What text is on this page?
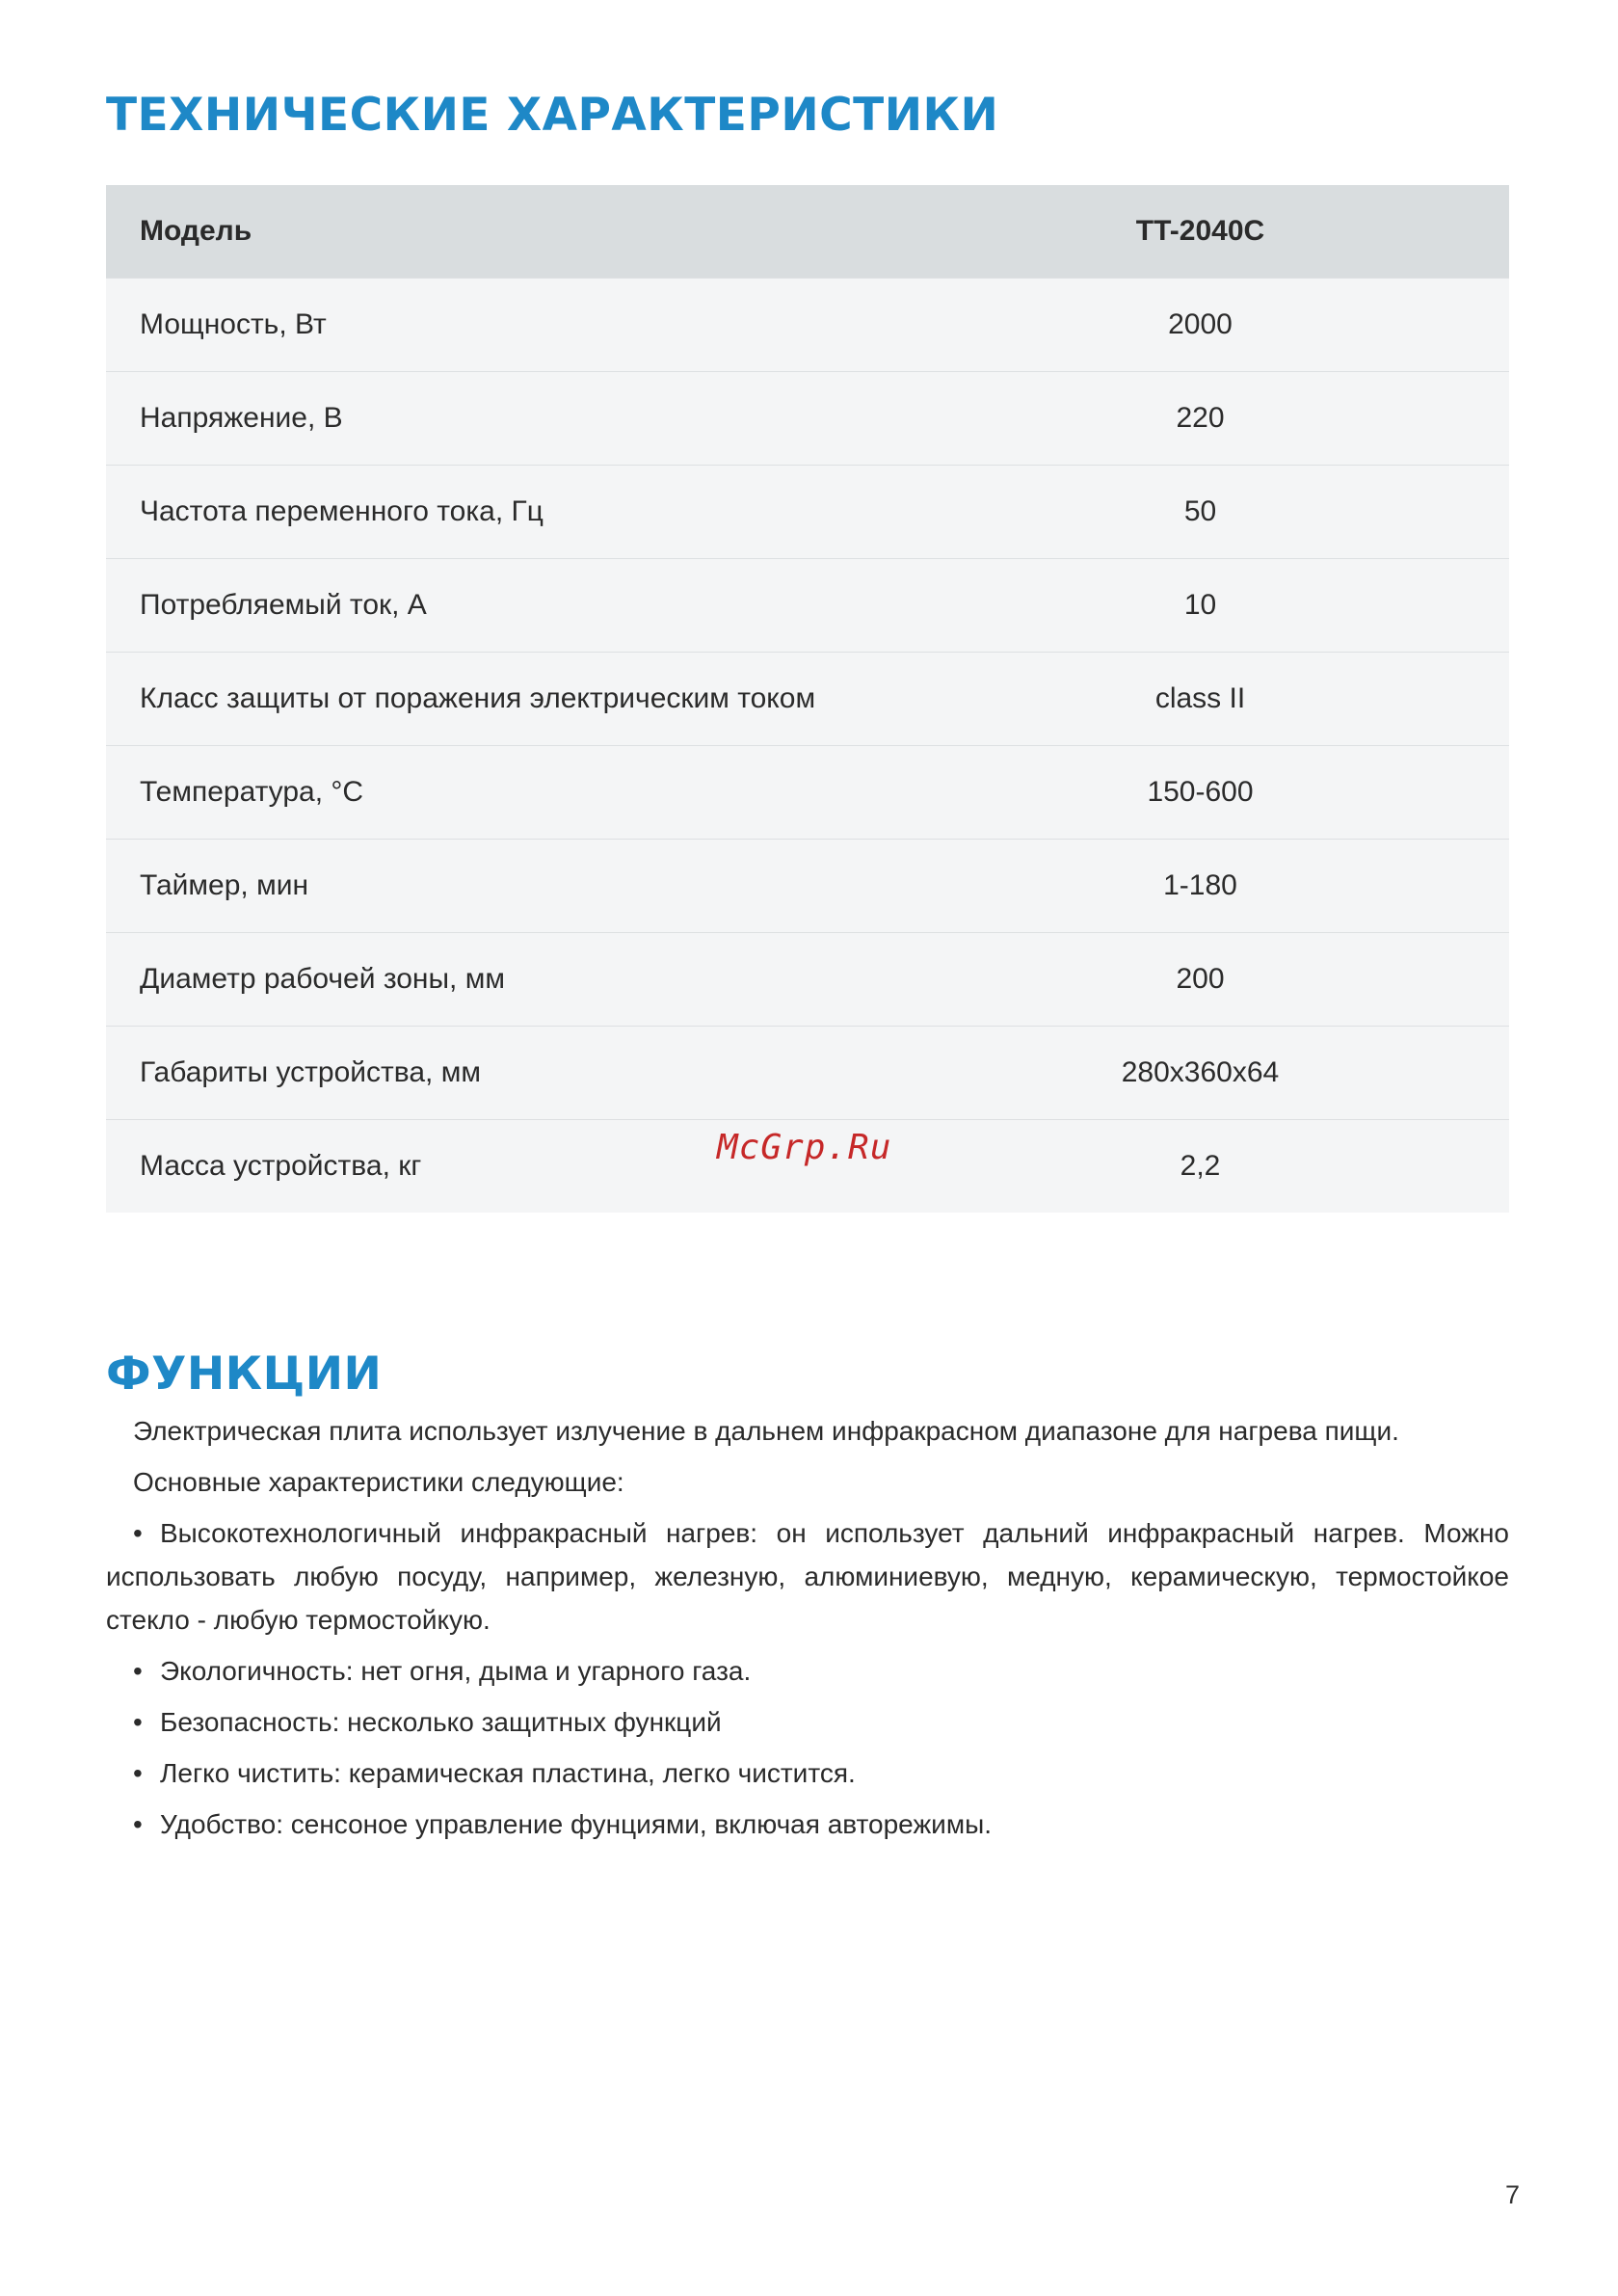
ТЕХНИЧЕСКИЕ ХАРАКТЕРИСТИКИ
Модель	TT-2040C
Мощность, Вт	2000
Напряжение, В	220
Частота переменного тока, Гц	50
Потребляемый ток, А	10
Класс защиты от поражения электрическим током	class II
Температура, °C	150-600
Таймер, мин	1-180
Диаметр рабочей зоны, мм	200
Габариты устройства, мм	280x360x64
Масса устройства, кг	2,2
McGrp.Ru
ФУНКЦИИ

Электрическая плита использует излучение в дальнем инфракрасном диапазоне для нагрева пищи.

Основные характеристики следующие:

• Высокотехнологичный инфракрасный нагрев: он использует дальний инфракрасный нагрев. Можно использовать любую посуду, например, железную, алюминиевую, медную, керамическую, термостойкое стекло - любую термостойкую.

• Экологичность: нет огня, дыма и угарного газа.

• Безопасность: несколько защитных функций

• Легко чистить: керамическая пластина, легко чистится.

• Удобство: сенсоное управление фунциями, включая авторежимы.

7
